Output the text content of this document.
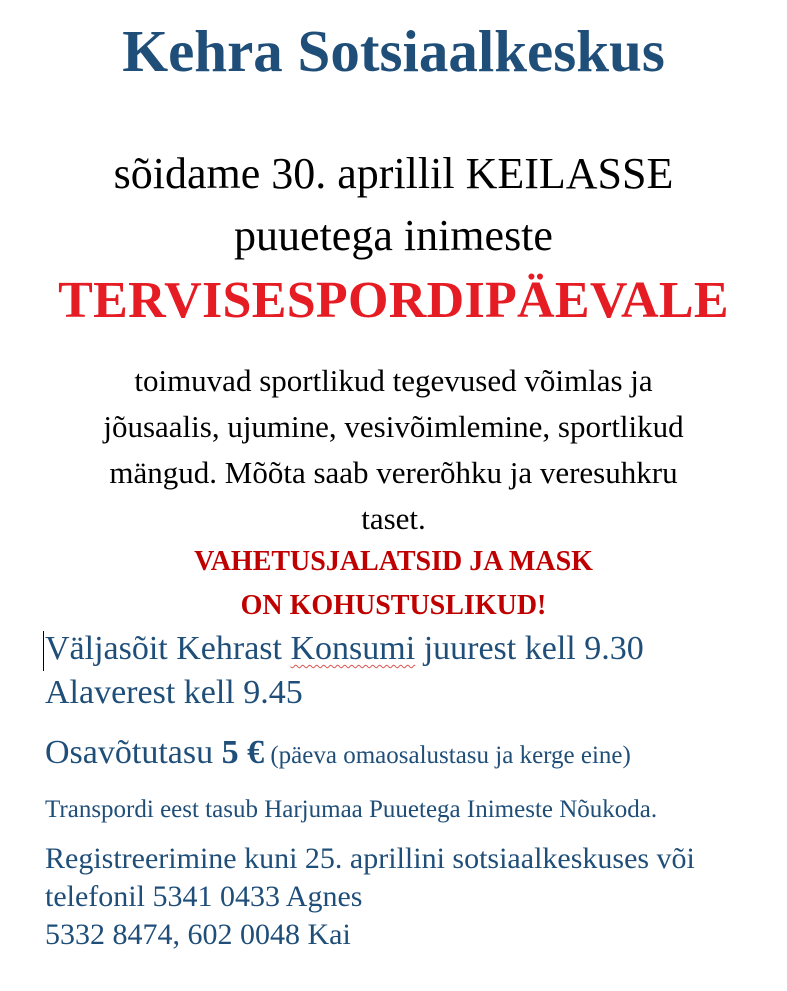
Kehra Sotsiaalkeskus
sõidame 30. aprillil KEILASSE
puuetega inimeste
TERVISESPORDIPÄEVALE
toimuvad sportlikud tegevused võimlas ja
jõusaalis, ujumine, vesivõimlemine, sportlikud
mängud. Mõõta saab vererõhku ja veresuhkru
taset.
VAHETUSJALATSID JA MASK
ON KOHUSTUSLIKUD!
Väljasõit Kehrast Konsumi juurest kell 9.30
Alaverest kell 9.45
Osavõtutasu 5 € (päeva omaosalustasu ja kerge eine)
Transpordi eest tasub Harjumaa Puuetega Inimeste Nõukoda.
Registreerimine kuni 25. aprillini sotsiaalkeskuses või
telefonil 5341 0433 Agnes
5332 8474, 602 0048 Kai
